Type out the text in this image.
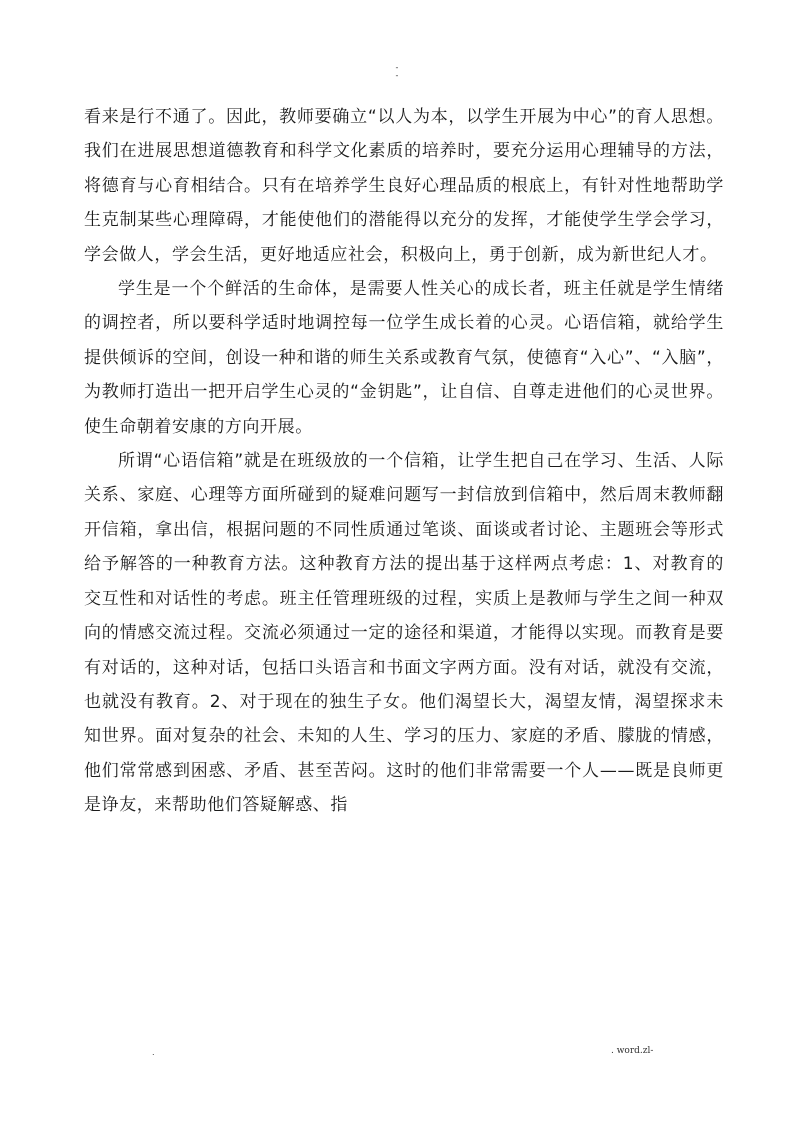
-
-

看来是行不通了。因此，教师要确立“以人为本，以学生开展为中心”的育人思想。我们在进展思想道德教育和科学文化素质的培养时，要充分运用心理辅导的方法，将德育与心育相结合。只有在培养学生良好心理品质的根底上，有针对性地帮助学生克制某些心理障碍，才能使他们的潜能得以充分的发挥，才能使学生学会学习，学会做人，学会生活，更好地适应社会，积极向上，勇于创新，成为新世纪人才。

学生是一个个鲜活的生命体，是需要人性关心的成长者，班主任就是学生情绪的调控者，所以要科学适时地调控每一位学生成长着的心灵。心语信箱，就给学生提供倾诉的空间，创设一种和谐的师生关系或教育气氛，使德育“入心”、“入脑”，为教师打造出一把开启学生心灵的“金钥匙”，让自信、自尊走进他们的心灵世界。使生命朝着安康的方向开展。

所谓“心语信箱”就是在班级放的一个信箱，让学生把自己在学习、生活、人际关系、家庭、心理等方面所碰到的疑难问题写一封信放到信箱中，然后周末教师翻开信箱，拿出信，根据问题的不同性质通过笔谈、面谈或者讨论、主题班会等形式给予解答的一种教育方法。这种教育方法的提出基于这样两点考虑：1、对教育的交互性和对话性的考虑。班主任管理班级的过程，实质上是教师与学生之间一种双向的情感交流过程。交流必须通过一定的途径和渠道，才能得以实现。而教育是要有对话的，这种对话，包括口头语言和书面文字两方面。没有对话，就没有交流，也就没有教育。2、对于现在的独生子女。他们渴望长大，渴望友情，渴望探求未知世界。面对复杂的社会、未知的人生、学习的压力、家庭的矛盾、朦胧的情感，他们常常感到困惑、矛盾、甚至苦闷。这时的他们非常需要一个人——既是良师更是诤友，来帮助他们答疑解惑、指

.	. word.zl-
